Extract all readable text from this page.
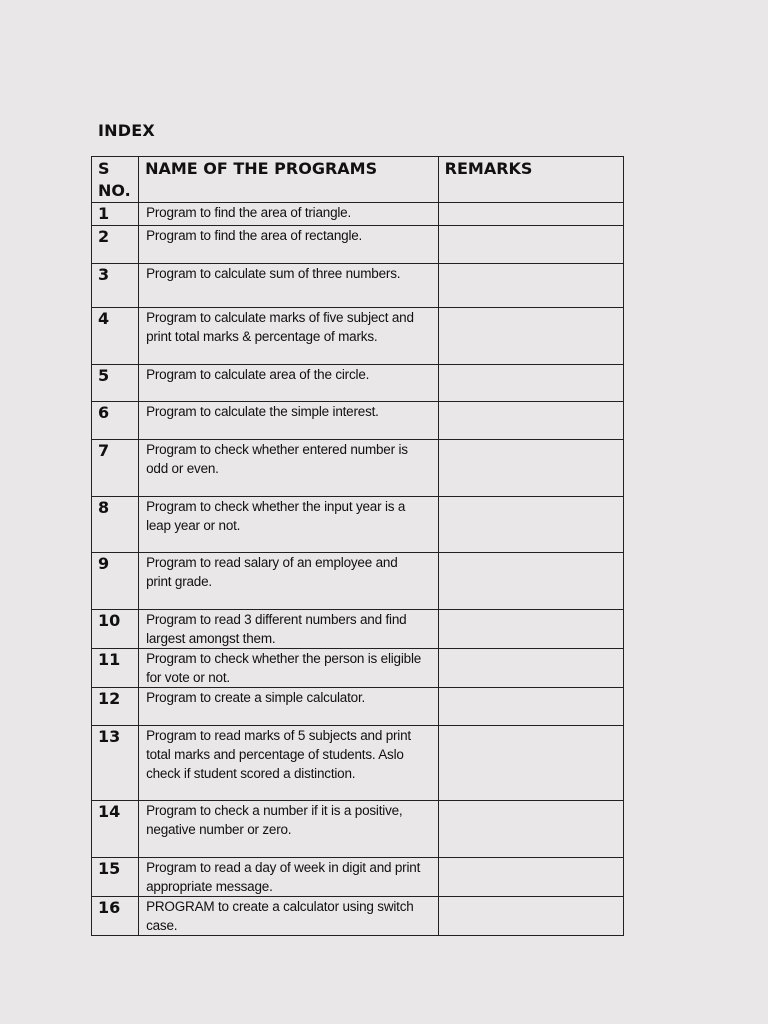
INDEX
S
NO.	NAME OF THE PROGRAMS	REMARKS
1	Program to find the area of triangle.	

2	Program to find the area of rectangle.	

3	Program to calculate sum of three numbers.	

4	Program to calculate marks of five subject and
print total marks & percentage of marks.	

5	Program to calculate area of the circle.	

6	Program to calculate the simple interest.	

7	Program to check whether entered number is
odd or even.	

8	Program to check whether the input year is a
leap year or not.	

9	Program to read salary of an employee and
print grade.	

10	Program to read 3 different numbers and find
largest amongst them.	

11	Program to check whether the person is eligible
for vote or not.	

12	Program to create a simple calculator.	

13	Program to read marks of 5 subjects and print
total marks and percentage of students. Aslo
check if student scored a distinction.	

14	Program to check a number if it is a positive,
negative number or zero.	

15	Program to read a day of week in digit and print
appropriate message.	

16	PROGRAM to create a calculator using switch
case.	
